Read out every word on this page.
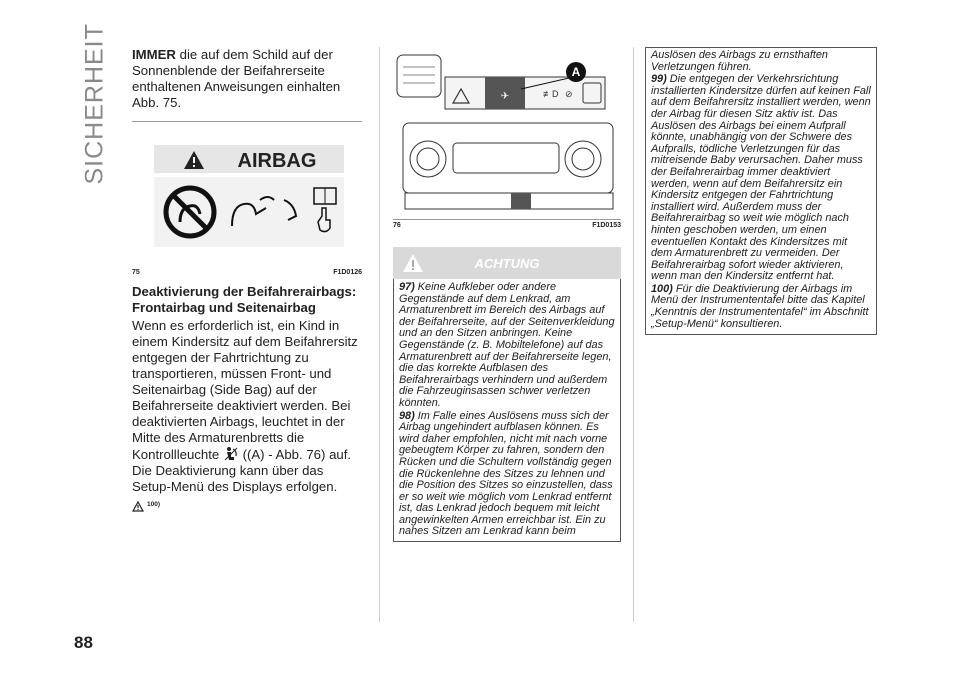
SICHERHEIT
88

IMMER die auf dem Schild auf der Sonnenblende der Beifahrerseite enthaltenen Anweisungen einhalten Abb. 75.

AIRBAG
75	F1D0126
Deaktivierung der Beifahrerairbags: Frontairbag und Seitenairbag

Wenn es erforderlich ist, ein Kind in einem Kindersitz auf dem Beifahrersitz entgegen der Fahrtrichtung zu transportieren, müssen Front- und Seitenairbag (Side Bag) auf der Beifahrerseite deaktiviert werden. Bei deaktivierten Airbags, leuchtet in der Mitte des Armaturenbretts die Kontrollleuchte ((A) - Abb. 76) auf. Die Deaktivierung kann über das Setup-Menü des Displays erfolgen.

100)
✈	≢D ⊘
A
76	F1D0153
ACHTUNG

97) Keine Aufkleber oder andere Gegenstände auf dem Lenkrad, am Armaturenbrett im Bereich des Airbags auf der Beifahrerseite, auf der Seitenverkleidung und an den Sitzen anbringen. Keine Gegenstände (z. B. Mobiltelefone) auf das Armaturenbrett auf der Beifahrerseite legen, die das korrekte Aufblasen des Beifahrerairbags verhindern und außerdem die Fahrzeuginsassen schwer verletzen könnten.

98) Im Falle eines Auslösens muss sich der Airbag ungehindert aufblasen können. Es wird daher empfohlen, nicht mit nach vorne gebeugtem Körper zu fahren, sondern den Rücken und die Schultern vollständig gegen die Rückenlehne des Sitzes zu lehnen und die Position des Sitzes so einzustellen, dass er so weit wie möglich vom Lenkrad entfernt ist, das Lenkrad jedoch bequem mit leicht angewinkelten Armen erreichbar ist. Ein zu nahes Sitzen am Lenkrad kann beim

Auslösen des Airbags zu ernsthaften Verletzungen führen.

99) Die entgegen der Verkehrsrichtung installierten Kindersitze dürfen auf keinen Fall auf dem Beifahrersitz installiert werden, wenn der Airbag für diesen Sitz aktiv ist. Das Auslösen des Airbags bei einem Aufprall könnte, unabhängig von der Schwere des Aufpralls, tödliche Verletzungen für das mitreisende Baby verursachen. Daher muss der Beifahrerairbag immer deaktiviert werden, wenn auf dem Beifahrersitz ein Kindersitz entgegen der Fahrtrichtung installiert wird. Außerdem muss der Beifahrerairbag so weit wie möglich nach hinten geschoben werden, um einen eventuellen Kontakt des Kindersitzes mit dem Armaturenbrett zu vermeiden. Der Beifahrerairbag sofort wieder aktivieren, wenn man den Kindersitz entfernt hat.

100) Für die Deaktivierung der Airbags im Menü der Instrumententafel bitte das Kapitel „Kenntnis der Instrumententafel“ im Abschnitt „Setup-Menü“ konsultieren.
